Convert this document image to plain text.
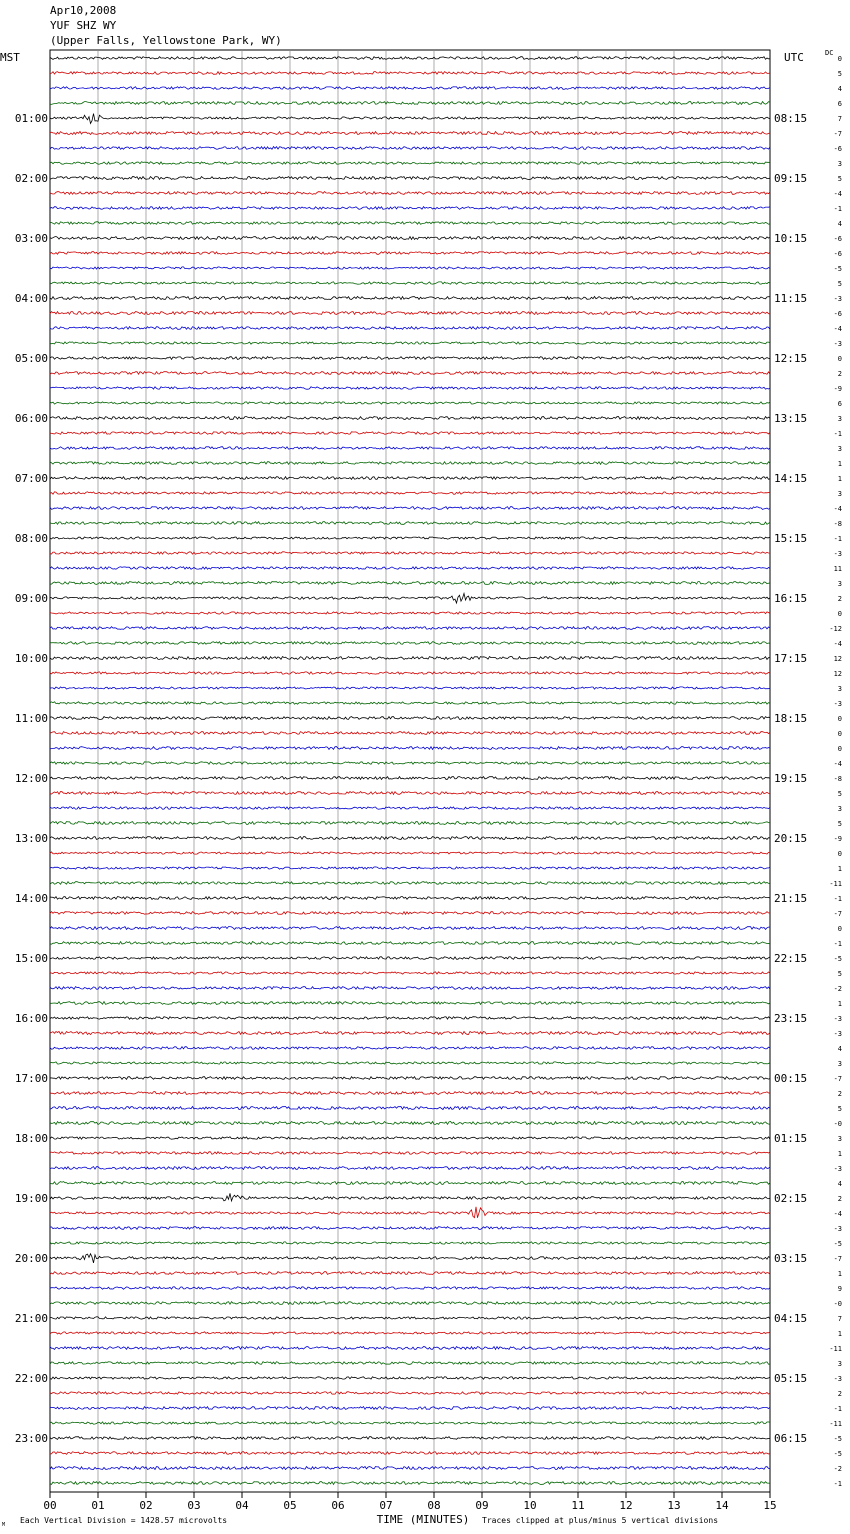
Apr10,2008
YUF SHZ WY
(Upper Falls, Yellowstone Park, WY)
0
5
4
6
7
-7
-6
3
5
-4
-1
4
-6
-6
-5
5
-3
-6
-4
-3
0
2
-9
6
3
-1
3
1
1
3
-4
-8
-1
-3
11
3
2
0
-12
-4
12
12
3
-3
0
0
0
-4
-8
5
3
5
-9
0
1
-11
-1
-7
0
-1
-5
5
-2
1
-3
-3
4
3
-7
2
5
-0
3
1
-3
4
2
-4
-3
-5
-7
1
9
-0
7
1
-11
3
-3
2
-1
-11
-5
-5
-2
-1
MST	UTC	DC
01:00
02:00
03:00
04:00
05:00
06:00
07:00
08:00
09:00
10:00
11:00
12:00
13:00
14:00
15:00
16:00
17:00
18:00
19:00
20:00
21:00
22:00
23:00
08:15
09:15
10:15
11:15
12:15
13:15
14:15
15:15
16:15
17:15
18:15
19:15
20:15
21:15
22:15
23:15
00:15
01:15
02:15
03:15
04:15
05:15
06:15
00	01	02	03	04	05	06	07	08	09	10	11	12	13	14	15
TIME (MINUTES)
Each Vertical Division = 1428.57 microvolts	Traces clipped at plus/minus 5 vertical divisions
M
